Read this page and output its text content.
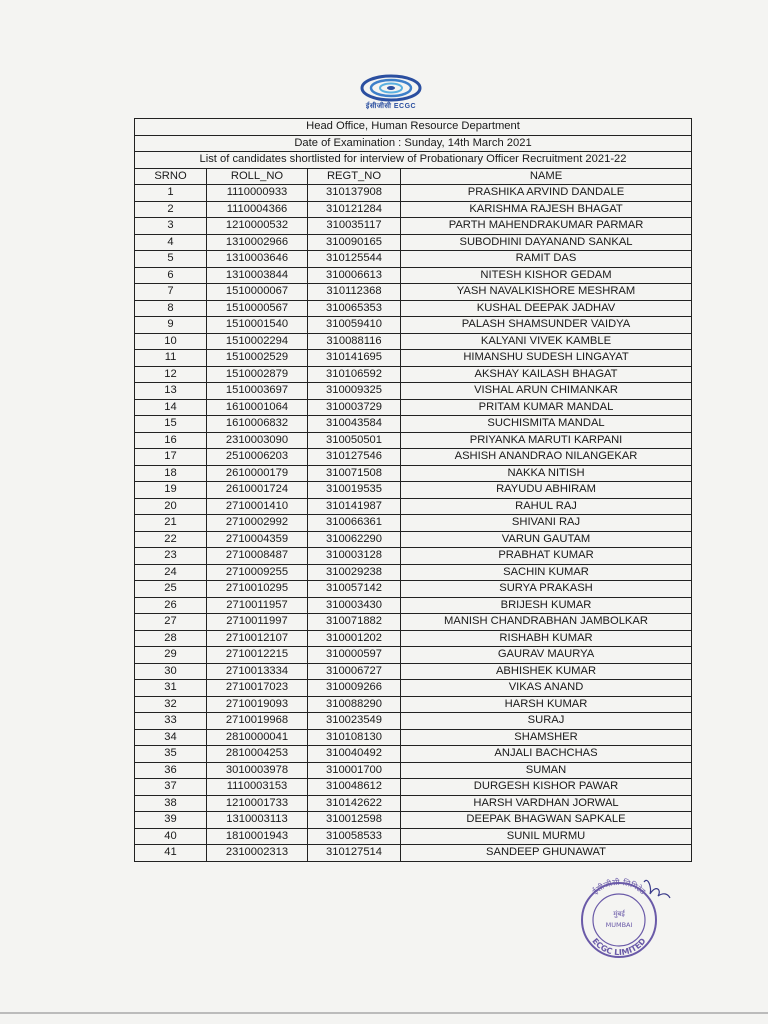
ईसीजीसी ECGC
Head Office, Human Resource Department			
Date of Examination : Sunday, 14th March 2021			
List of candidates shortlisted for interview of Probationary Officer Recruitment 2021-22			
SRNO	ROLL_NO	REGT_NO	NAME
1	1110000933	310137908	PRASHIKA ARVIND DANDALE
2	1110004366	310121284	KARISHMA RAJESH BHAGAT
3	1210000532	310035117	PARTH MAHENDRAKUMAR PARMAR
4	1310002966	310090165	SUBODHINI DAYANAND SANKAL
5	1310003646	310125544	RAMIT DAS
6	1310003844	310006613	NITESH KISHOR GEDAM
7	1510000067	310112368	YASH NAVALKISHORE MESHRAM
8	1510000567	310065353	KUSHAL DEEPAK JADHAV
9	1510001540	310059410	PALASH SHAMSUNDER VAIDYA
10	1510002294	310088116	KALYANI VIVEK KAMBLE
11	1510002529	310141695	HIMANSHU SUDESH LINGAYAT
12	1510002879	310106592	AKSHAY KAILASH BHAGAT
13	1510003697	310009325	VISHAL ARUN CHIMANKAR
14	1610001064	310003729	PRITAM KUMAR MANDAL
15	1610006832	310043584	SUCHISMITA MANDAL
16	2310003090	310050501	PRIYANKA MARUTI KARPANI
17	2510006203	310127546	ASHISH ANANDRAO NILANGEKAR
18	2610000179	310071508	NAKKA NITISH
19	2610001724	310019535	RAYUDU ABHIRAM
20	2710001410	310141987	RAHUL RAJ
21	2710002992	310066361	SHIVANI RAJ
22	2710004359	310062290	VARUN GAUTAM
23	2710008487	310003128	PRABHAT KUMAR
24	2710009255	310029238	SACHIN KUMAR
25	2710010295	310057142	SURYA PRAKASH
26	2710011957	310003430	BRIJESH KUMAR
27	2710011997	310071882	MANISH CHANDRABHAN JAMBOLKAR
28	2710012107	310001202	RISHABH KUMAR
29	2710012215	310000597	GAURAV MAURYA
30	2710013334	310006727	ABHISHEK KUMAR
31	2710017023	310009266	VIKAS ANAND
32	2710019093	310088290	HARSH KUMAR
33	2710019968	310023549	SURAJ
34	2810000041	310108130	SHAMSHER
35	2810004253	310040492	ANJALI BACHCHAS
36	3010003978	310001700	SUMAN
37	1110003153	310048612	DURGESH KISHOR PAWAR
38	1210001733	310142622	HARSH VARDHAN JORWAL
39	1310003113	310012598	DEEPAK BHAGWAN SAPKALE
40	1810001943	310058533	SUNIL MURMU
41	2310002313	310127514	SANDEEP GHUNAWAT
ईसीजीसी लिमिटेड
ECGC LIMITED
मुंबई
MUMBAI
